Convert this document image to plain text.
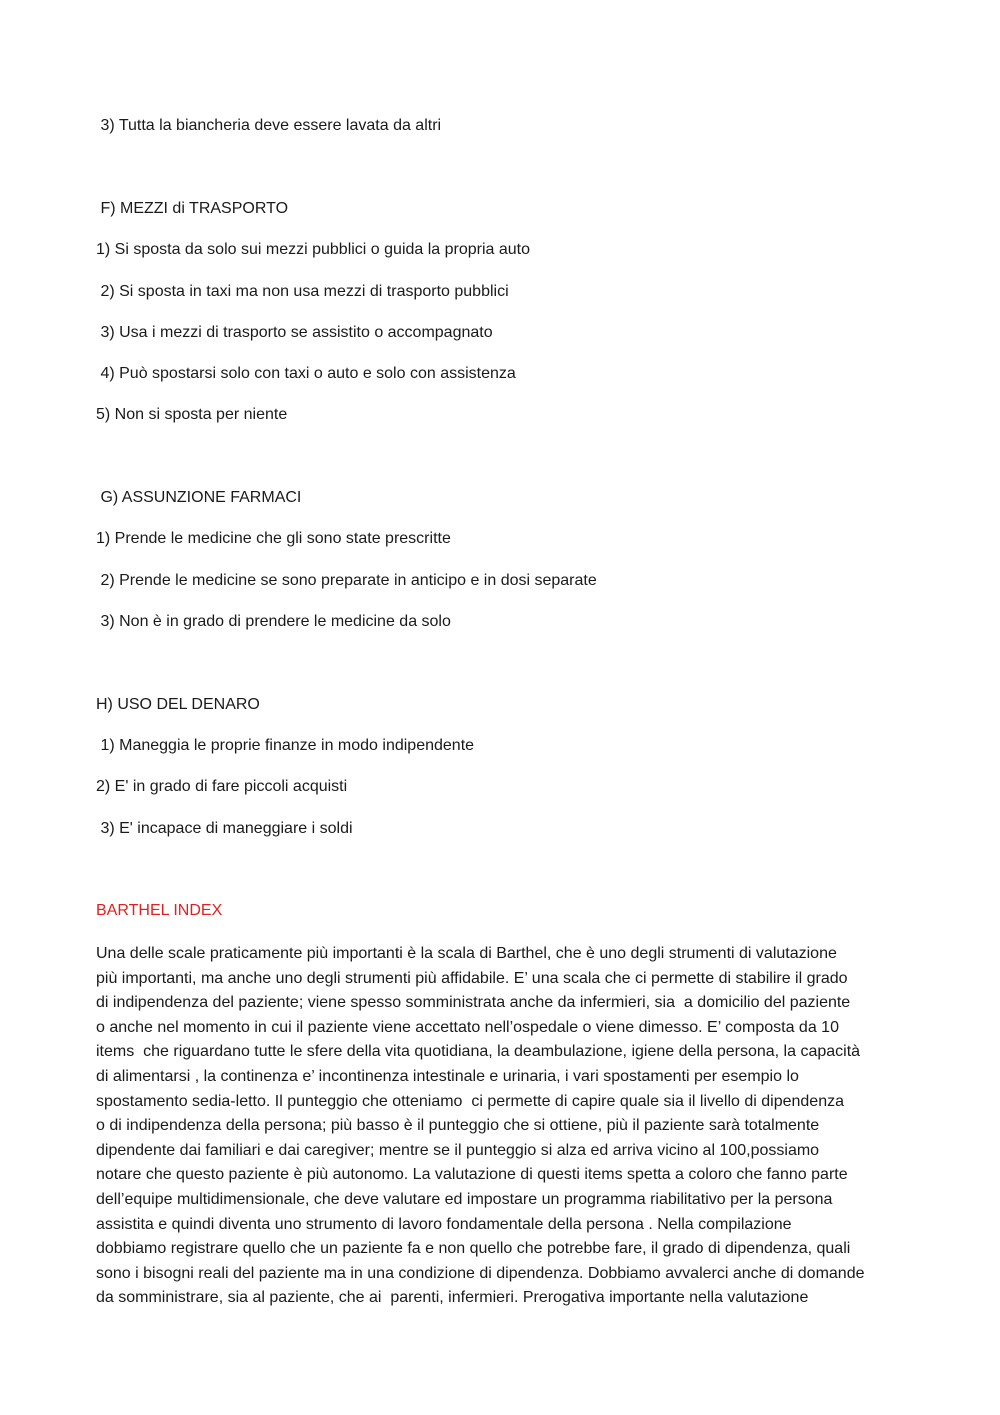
3) Tutta la biancheria deve essere lavata da altri
F) MEZZI di TRASPORTO
1) Si sposta da solo sui mezzi pubblici o guida la propria auto
2) Si sposta in taxi ma non usa mezzi di trasporto pubblici
3) Usa i mezzi di trasporto se assistito o accompagnato
4) Può spostarsi solo con taxi o auto e solo con assistenza
5) Non si sposta per niente
G) ASSUNZIONE FARMACI
1) Prende le medicine che gli sono state prescritte
2) Prende le medicine se sono preparate in anticipo e in dosi separate
3) Non è in grado di prendere le medicine da solo
H) USO DEL DENARO
1) Maneggia le proprie finanze in modo indipendente
2) E' in grado di fare piccoli acquisti
3) E' incapace di maneggiare i soldi
BARTHEL INDEX
Una delle scale praticamente più importanti è la scala di Barthel, che è uno degli strumenti di valutazione
più importanti, ma anche uno degli strumenti più affidabile. E’ una scala che ci permette di stabilire il grado
di indipendenza del paziente; viene spesso somministrata anche da infermieri, sia  a domicilio del paziente
o anche nel momento in cui il paziente viene accettato nell’ospedale o viene dimesso. E’ composta da 10
items  che riguardano tutte le sfere della vita quotidiana, la deambulazione, igiene della persona, la capacità
di alimentarsi , la continenza e’ incontinenza intestinale e urinaria, i vari spostamenti per esempio lo
spostamento sedia-letto. Il punteggio che otteniamo  ci permette di capire quale sia il livello di dipendenza
o di indipendenza della persona; più basso è il punteggio che si ottiene, più il paziente sarà totalmente
dipendente dai familiari e dai caregiver; mentre se il punteggio si alza ed arriva vicino al 100,possiamo
notare che questo paziente è più autonomo. La valutazione di questi items spetta a coloro che fanno parte
dell’equipe multidimensionale, che deve valutare ed impostare un programma riabilitativo per la persona
assistita e quindi diventa uno strumento di lavoro fondamentale della persona . Nella compilazione
dobbiamo registrare quello che un paziente fa e non quello che potrebbe fare, il grado di dipendenza, quali
sono i bisogni reali del paziente ma in una condizione di dipendenza. Dobbiamo avvalerci anche di domande
da somministrare, sia al paziente, che ai  parenti, infermieri. Prerogativa importante nella valutazione
